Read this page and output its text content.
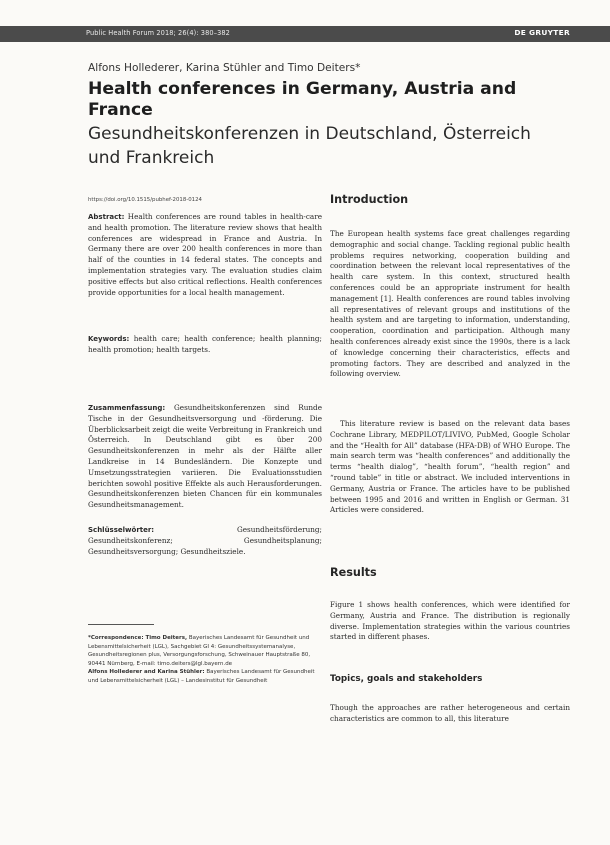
Public Health Forum 2018; 26(4): 380–382	DE GRUYTER
Alfons Hollederer, Karina Stühler and Timo Deiters*
Health conferences in Germany, Austria and France
Gesundheitskonferenzen in Deutschland, Österreich und Frankreich
https://doi.org/10.1515/pubhef-2018-0124

Abstract: Health conferences are round tables in health-care and health promotion. The literature review shows that health conferences are widespread in France and Austria. In Germany there are over 200 health conferences in more than half of the counties in 14 federal states. The concepts and implementation strategies vary. The evaluation studies claim positive effects but also critical reflections. Health conferences provide opportunities for a local health management.

Keywords: health care; health conference; health planning; health promotion; health targets.

Zusammenfassung: Gesundheitskonferenzen sind Runde Tische in der Gesundheitsversorgung und -förderung. Die Überblicksarbeit zeigt die weite Verbreitung in Frankreich und Österreich. In Deutschland gibt es über 200 Gesundheitskonferenzen in mehr als der Hälfte aller Landkreise in 14 Bundesländern. Die Konzepte und Umsetzungsstrategien variieren. Die Evaluationsstudien berichten sowohl positive Effekte als auch Herausforderungen. Gesundheitskonferenzen bieten Chancen für ein kommunales Gesundheitsmanagement.

Schlüsselwörter:	Gesundheitsförderung; Gesundheitskonferenz; Gesundheitsplanung; Gesundheitsversorgung; Gesundheitsziele.

*Correspondence: Timo Deiters, Bayerisches Landesamt für Gesundheit und Lebensmittelsicherheit (LGL), Sachgebiet GI 4: Gesundheitssystemanalyse, Gesundheitsregionen plus, Versorgungsforschung, Schweinauer Hauptstraße 80, 90441 Nürnberg, E-mail: timo.deiters@lgl.bayern.de
Alfons Hollederer and Karina Stühler: Bayerisches Landesamt für Gesundheit und Lebensmittelsicherheit (LGL) – Landesinstitut für Gesundheit
Introduction

The European health systems face great challenges regarding demographic and social change. Tackling regional public health problems requires networking, cooperation building and coordination between the relevant local representatives of the health care system. In this context, structured health conferences could be an appropriate instrument for health management [1]. Health conferences are round tables involving all representatives of relevant groups and institutions of the health system and are targeting to information, understanding, cooperation, coordination and participation. Although many health conferences already exist since the 1990s, there is a lack of knowledge concerning their characteristics, effects and promoting factors. They are described and analyzed in the following overview.

This literature review is based on the relevant data bases Cochrane Library, MEDPILOT/LIVIVO, PubMed, Google Scholar and the “Health for All” database (HFA-DB) of WHO Europe. The main search term was “health conferences” and additionally the terms “health dialog”, “health forum”, “health region” and “round table” in title or abstract. We included interventions in Germany, Austria or France. The articles have to be published between 1995 and 2016 and written in English or German. 31 Articles were considered.

Results

Figure 1 shows health conferences, which were identified for Germany, Austria and France. The distribution is regionally diverse. Implementation strategies within the various countries started in different phases.

Topics, goals and stakeholders

Though the approaches are rather heterogeneous and certain characteristics are common to all, this literature
